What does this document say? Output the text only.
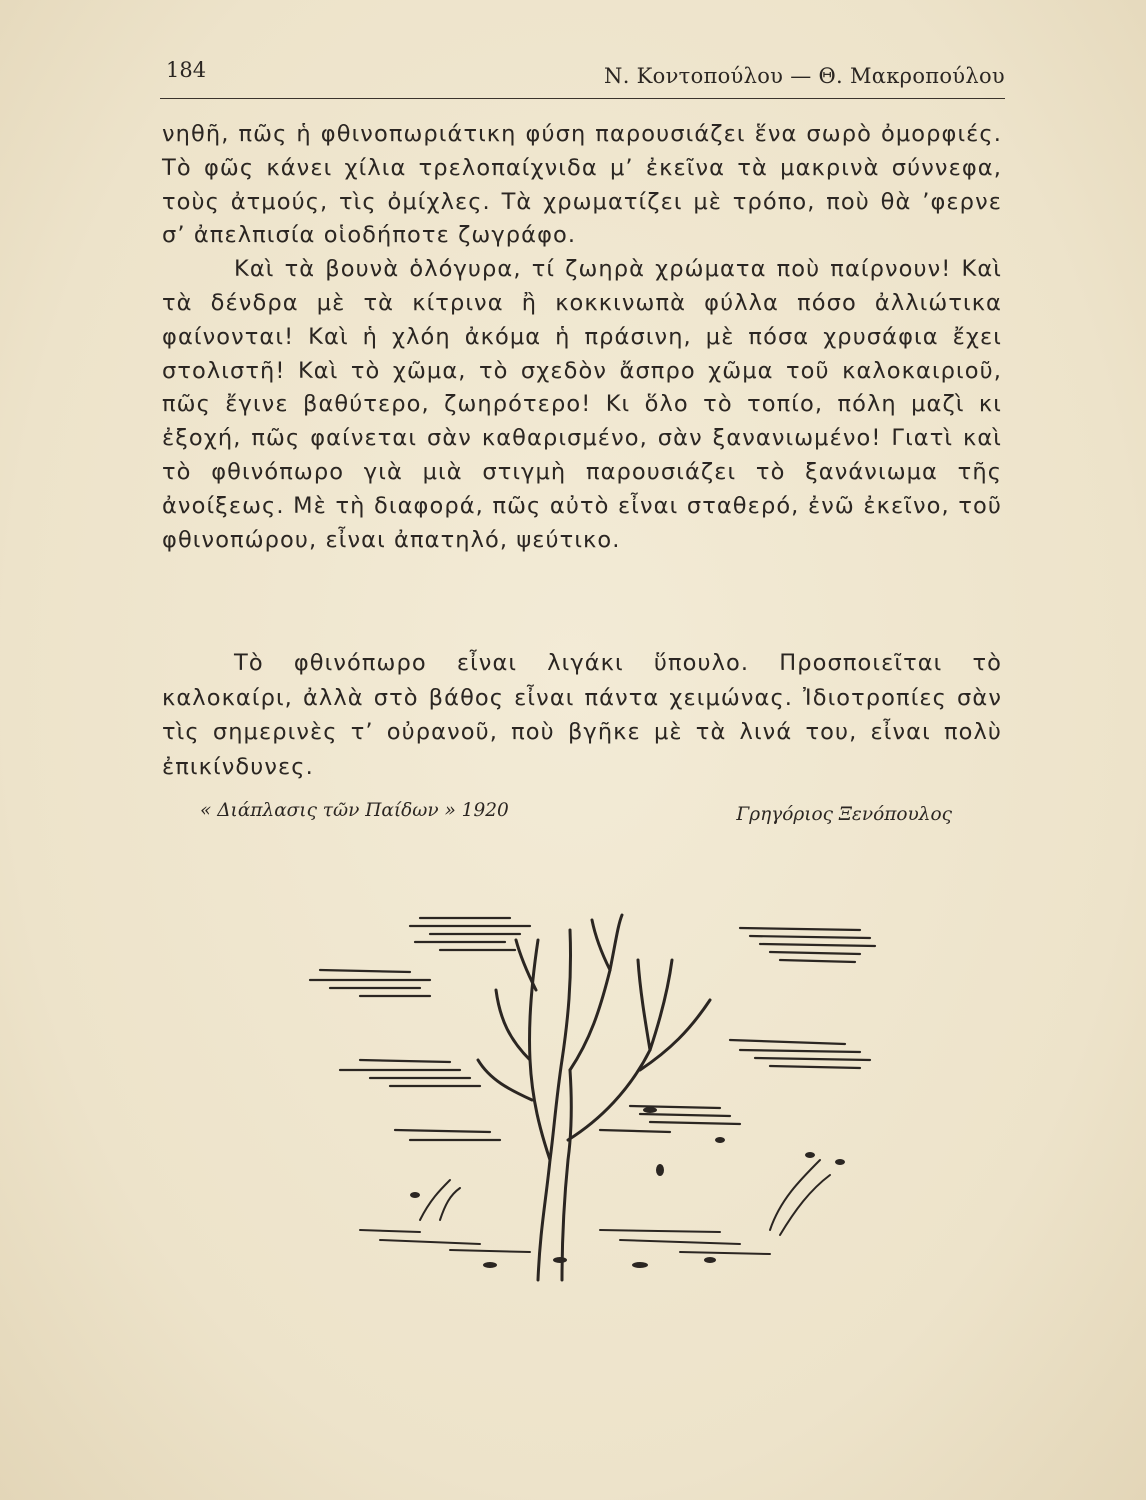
184	Ν. Κοντοπούλου — Θ. Μακροπούλου

νηθῆ, πῶς ἡ φθινοπωριάτικη φύση παρουσιάζει ἕνα σωρὸ ὀμορφιές. Τὸ φῶς κάνει χίλια τρελοπαίχνιδα μ’ ἐκεῖνα τὰ μακρινὰ σύννεφα, τοὺς ἀτμούς, τὶς ὀμίχλες. Τὰ χρωματίζει μὲ τρόπο, ποὺ θὰ ’φερνε σ’ ἀπελπισία οἱοδήποτε ζωγράφο.

Καὶ τὰ βουνὰ ὁλόγυρα, τί ζωηρὰ χρώματα ποὺ παίρνουν! Καὶ τὰ δένδρα μὲ τὰ κίτρινα ἢ κοκκινωπὰ φύλλα πόσο ἀλλιώτικα φαίνονται! Καὶ ἡ χλόη ἀκόμα ἡ πράσινη, μὲ πόσα χρυσάφια ἔχει στολιστῆ! Καὶ τὸ χῶμα, τὸ σχεδὸν ἄσπρο χῶμα τοῦ καλοκαιριοῦ, πῶς ἔγινε βαθύτερο, ζωηρότερο! Κι ὅλο τὸ τοπίο, πόλη μαζὶ κι ἐξοχή, πῶς φαίνεται σὰν καθαρισμένο, σὰν ξανανιωμένο! Γιατὶ καὶ τὸ φθινόπωρο γιὰ μιὰ στιγμὴ παρουσιάζει τὸ ξανάνιωμα τῆς ἀνοίξεως. Μὲ τὴ διαφορά, πῶς αὐτὸ εἶναι σταθερό, ἐνῶ ἐκεῖνο, τοῦ φθινοπώρου, εἶναι ἀπατηλό, ψεύτικο.

Τὸ φθινόπωρο εἶναι λιγάκι ὕπουλο. Προσποιεῖται τὸ καλοκαίρι, ἀλλὰ στὸ βάθος εἶναι πάντα χειμώνας. Ἰδιοτροπίες σὰν τὶς σημερινὲς τ’ οὐρανοῦ, ποὺ βγῆκε μὲ τὰ λινά του, εἶναι πολὺ ἐπικίνδυνες.

« Διάπλασις τῶν Παίδων » 1920	Γρηγόριος Ξενόπουλος
